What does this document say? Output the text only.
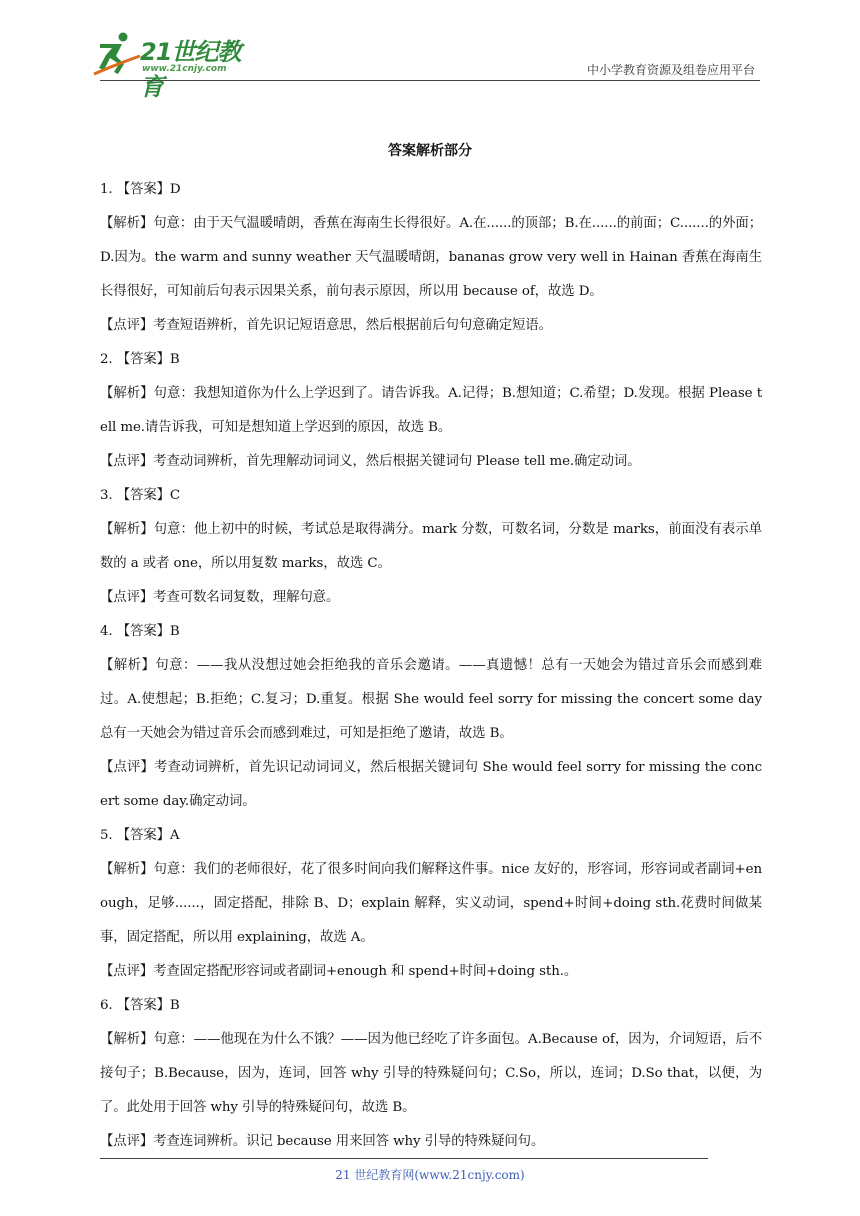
21世纪教育
www.21cnjy.com	中小学教育资源及组卷应用平台
答案解析部分

1. 【答案】D

【解析】句意：由于天气温暖晴朗，香蕉在海南生长得很好。A.在......的顶部；B.在......的前面；C.......的外面；D.因为。the warm and sunny weather 天气温暖晴朗，bananas grow very well in Hainan 香蕉在海南生长得很好，可知前后句表示因果关系，前句表示原因，所以用 because of，故选 D。

【点评】考查短语辨析，首先识记短语意思，然后根据前后句句意确定短语。

2. 【答案】B

【解析】句意：我想知道你为什么上学迟到了。请告诉我。A.记得；B.想知道；C.希望；D.发现。根据 Please tell me.请告诉我，可知是想知道上学迟到的原因，故选 B。

【点评】考查动词辨析，首先理解动词词义，然后根据关键词句 Please tell me.确定动词。

3. 【答案】C

【解析】句意：他上初中的时候，考试总是取得满分。mark 分数，可数名词，分数是 marks，前面没有表示单数的 a 或者 one，所以用复数 marks，故选 C。

【点评】考查可数名词复数，理解句意。

4. 【答案】B

【解析】句意：——我从没想过她会拒绝我的音乐会邀请。——真遗憾！总有一天她会为错过音乐会而感到难过。A.使想起；B.拒绝；C.复习；D.重复。根据 She would feel sorry for missing the concert some day 总有一天她会为错过音乐会而感到难过，可知是拒绝了邀请，故选 B。

【点评】考查动词辨析，首先识记动词词义，然后根据关键词句 She would feel sorry for missing the concert some day.确定动词。

5. 【答案】A

【解析】句意：我们的老师很好，花了很多时间向我们解释这件事。nice 友好的，形容词，形容词或者副词+enough，足够......，固定搭配，排除 B、D；explain 解释，实义动词，spend+时间+doing sth.花费时间做某事，固定搭配，所以用 explaining，故选 A。

【点评】考查固定搭配形容词或者副词+enough 和 spend+时间+doing sth.。

6. 【答案】B

【解析】句意：——他现在为什么不饿？——因为他已经吃了许多面包。A.Because of，因为，介词短语，后不接句子；B.Because，因为，连词，回答 why 引导的特殊疑问句；C.So，所以，连词；D.So that，以便，为了。此处用于回答 why 引导的特殊疑问句，故选 B。

【点评】考查连词辨析。识记 because 用来回答 why 引导的特殊疑问句。

21 世纪教育网(www.21cnjy.com)
